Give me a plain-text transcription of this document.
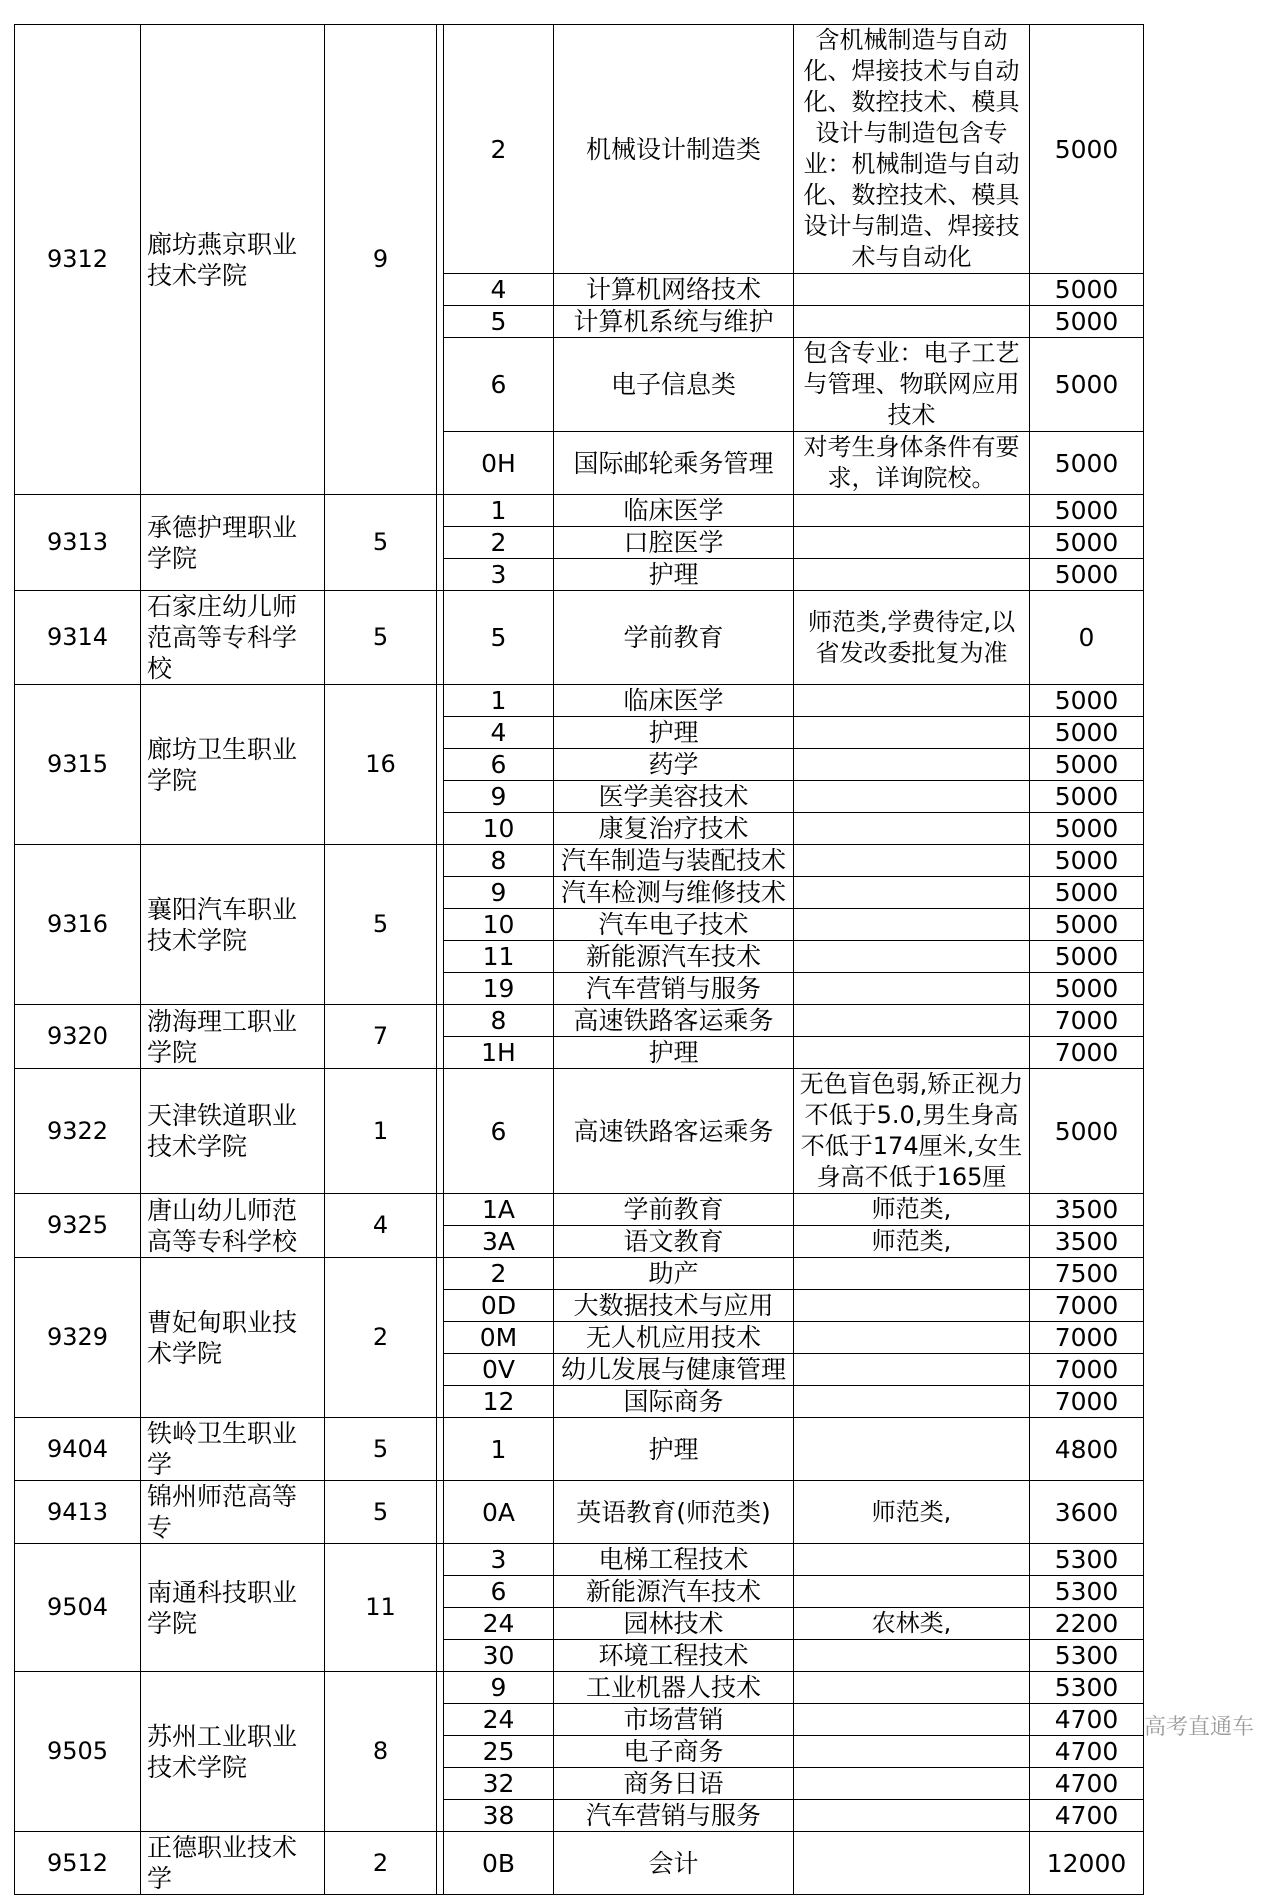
9312	廊坊燕京职业技术学院	9		2	机械设计制造类	含机械制造与自动化、焊接技术与自动化、数控技术、模具设计与制造包含专业：机械制造与自动化、数控技术、模具设计与制造、焊接技术与自动化	5000
				4	计算机网络技术		5000
				5	计算机系统与维护		5000
				6	电子信息类	包含专业：电子工艺与管理、物联网应用技术	5000
				0H	国际邮轮乘务管理	对考生身体条件有要求，详询院校。	5000
9313	承德护理职业学院	5		1	临床医学		5000
				2	口腔医学		5000
				3	护理		5000
9314	石家庄幼儿师范高等专科学校	5		5	学前教育	师范类,学费待定,以省发改委批复为准	0
9315	廊坊卫生职业学院	16		1	临床医学		5000
				4	护理		5000
				6	药学		5000
				9	医学美容技术		5000
				10	康复治疗技术		5000
9316	襄阳汽车职业技术学院	5		8	汽车制造与装配技术		5000
				9	汽车检测与维修技术		5000
				10	汽车电子技术		5000
				11	新能源汽车技术		5000
				19	汽车营销与服务		5000
9320	渤海理工职业学院	7		8	高速铁路客运乘务		7000
				1H	护理		7000
9322	天津铁道职业技术学院	1		6	高速铁路客运乘务	无色盲色弱,矫正视力不低于5.0,男生身高不低于174厘米,女生身高不低于165厘	5000
9325	唐山幼儿师范高等专科学校	4		1A	学前教育	师范类,	3500
				3A	语文教育	师范类,	3500
9329	曹妃甸职业技术学院	2		2	助产		7500
				0D	大数据技术与应用		7000
				0M	无人机应用技术		7000
				0V	幼儿发展与健康管理		7000
				12	国际商务		7000
9404	铁岭卫生职业学	5		1	护理		4800
9413	锦州师范高等专	5		0A	英语教育(师范类)	师范类,	3600
9504	南通科技职业学院	11		3	电梯工程技术		5300
				6	新能源汽车技术		5300
				24	园林技术	农林类,	2200
				30	环境工程技术		5300
9505	苏州工业职业技术学院	8		9	工业机器人技术		5300
				24	市场营销		4700
				25	电子商务		4700
				32	商务日语		4700
				38	汽车营销与服务		4700
9512	正德职业技术学	2		0B	会计		12000
高考直通车
